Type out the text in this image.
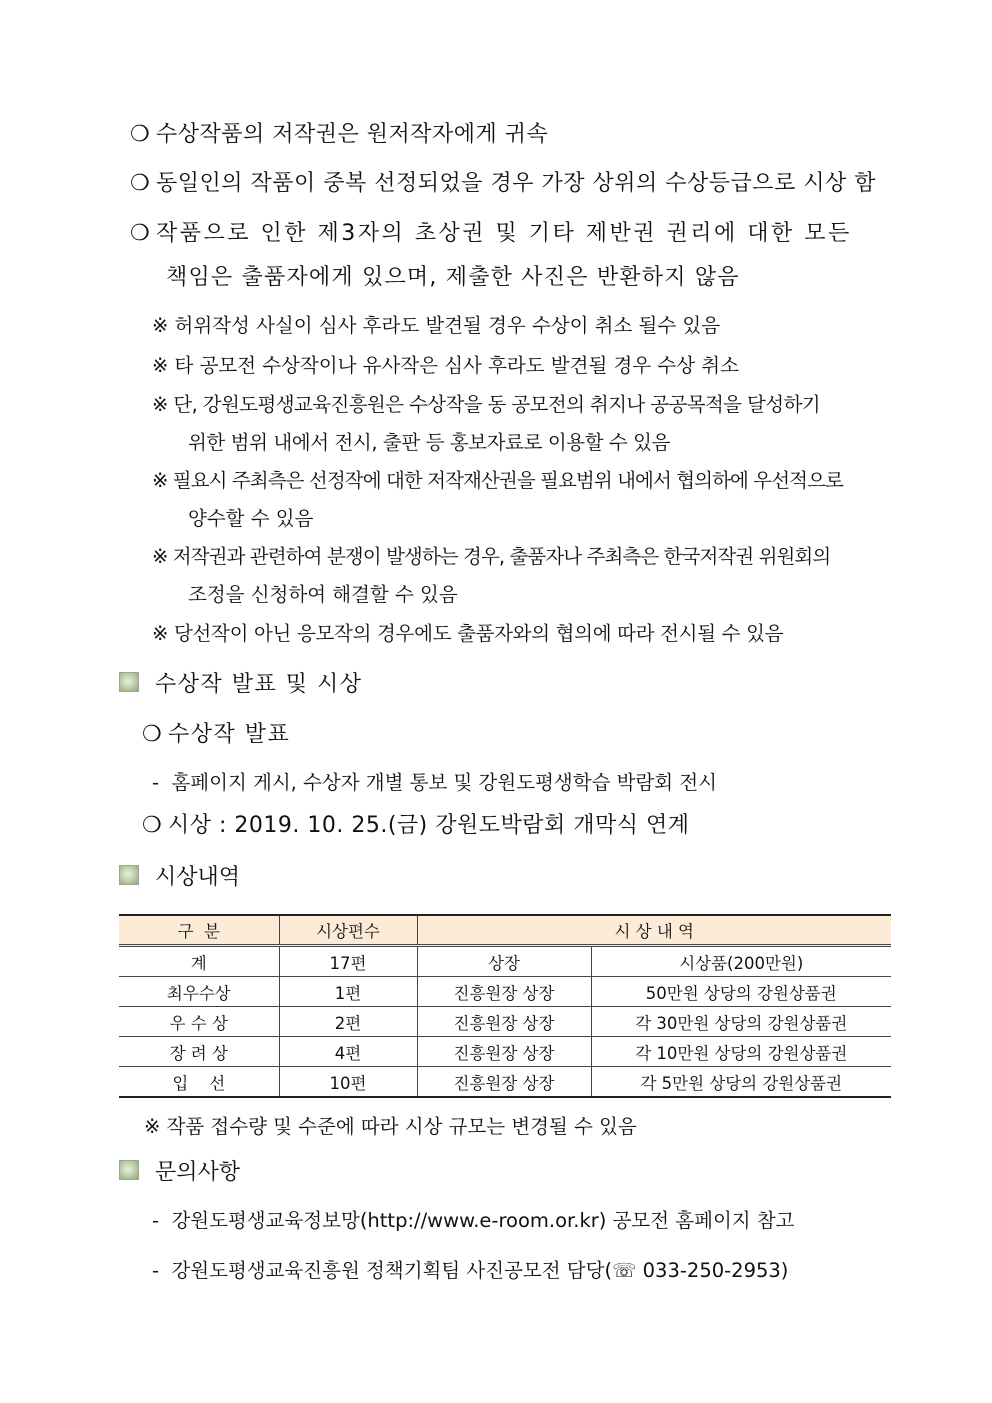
❍ 수상작품의 저작권은 원저작자에게 귀속
❍ 동일인의 작품이 중복 선정되었을 경우 가장 상위의 수상등급으로 시상 함
❍ 작품으로 인한 제3자의 초상권 및 기타 제반권 권리에 대한 모든
책임은 출품자에게 있으며, 제출한 사진은 반환하지 않음
※ 허위작성 사실이 심사 후라도 발견될 경우 수상이 취소 될수 있음
※ 타 공모전 수상작이나 유사작은 심사 후라도 발견될 경우 수상 취소
※ 단, 강원도평생교육진흥원은 수상작을 동 공모전의 취지나 공공목적을 달성하기
위한 범위 내에서 전시, 출판 등 홍보자료로 이용할 수 있음
※ 필요시 주최측은 선정작에 대한 저작재산권을 필요범위 내에서 협의하에 우선적으로
양수할 수 있음
※ 저작권과 관련하여 분쟁이 발생하는 경우, 출품자나 주최측은 한국저작권 위원회의
조정을 신청하여 해결할 수 있음
※ 당선작이 아닌 응모작의 경우에도 출품자와의 협의에 따라 전시될 수 있음
수상작 발표 및 시상
❍ 수상작 발표
- 홈페이지 게시, 수상자 개별 통보 및 강원도평생학습 박람회 전시
❍ 시상 : 2019. 10. 25.(금) 강원도박람회 개막식 연계
시상내역
구  분	시상편수	시 상 내 역	
계	17편	상장	시상품(200만원)
최우수상	1편	진흥원장 상장	50만원 상당의 강원상품권
우 수 상	2편	진흥원장 상장	각 30만원 상당의 강원상품권
장 려 상	4편	진흥원장 상장	각 10만원 상당의 강원상품권
입    선	10편	진흥원장 상장	각 5만원 상당의 강원상품권
※ 작품 접수량 및 수준에 따라 시상 규모는 변경될 수 있음
문의사항
- 강원도평생교육정보망(http://www.e-room.or.kr) 공모전 홈페이지 참고
- 강원도평생교육진흥원 정책기획팀 사진공모전 담당(☏ 033-250-2953)
